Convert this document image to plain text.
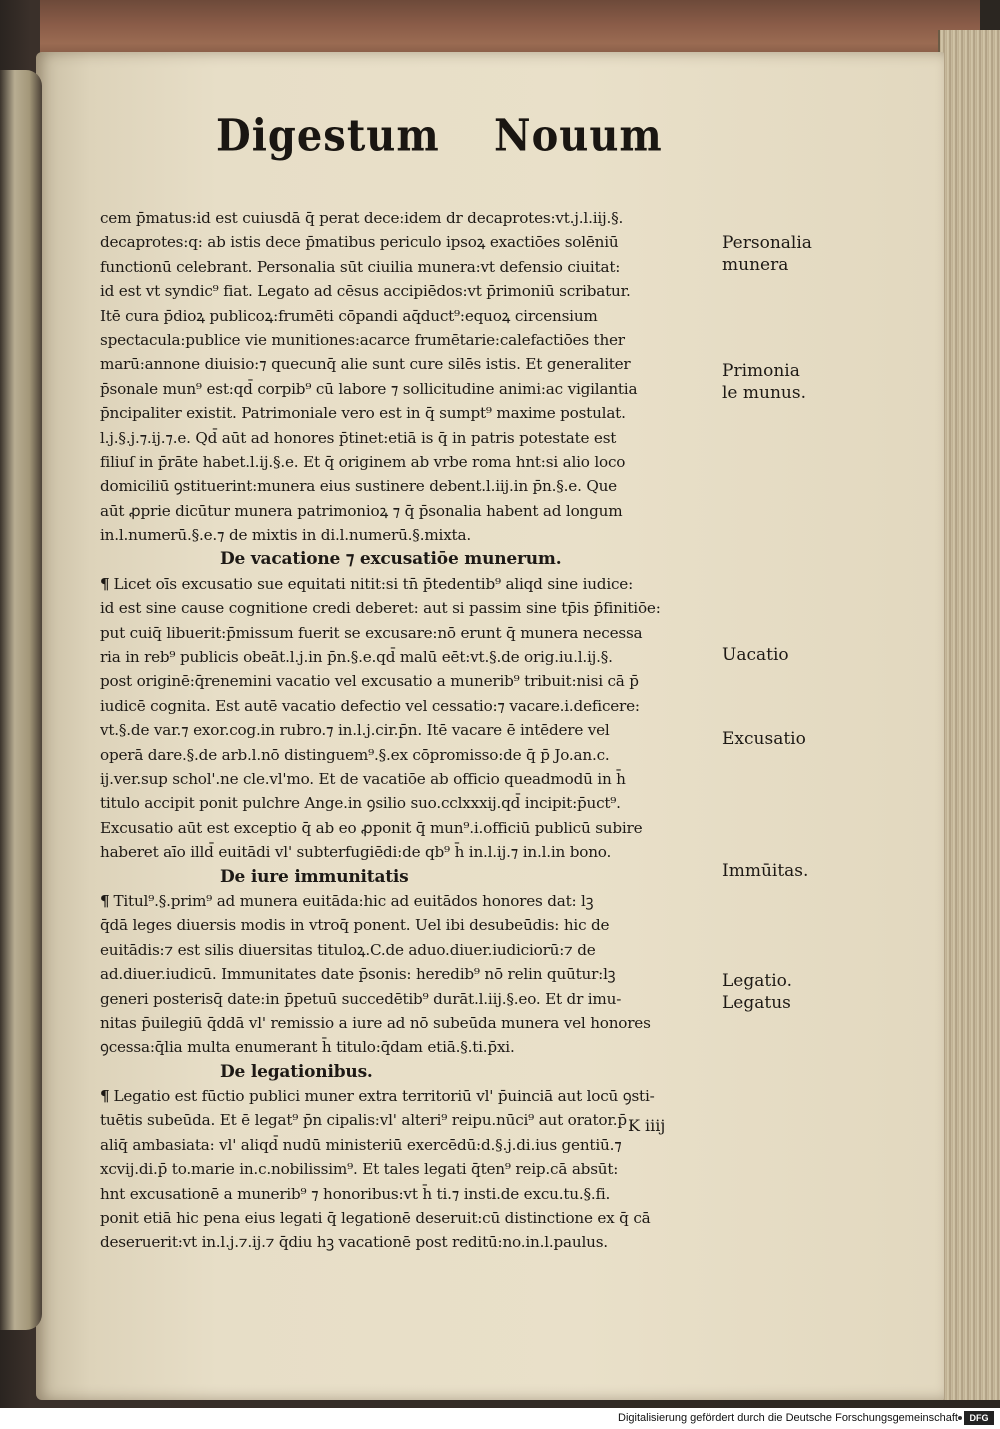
Digestum Nouum
cem p̄matus:id est cuiusdā q̄ perat dece:idem dr decaprotes:vt.j.l.iij.§.
decaprotes:q: ab istis dece p̄matibus periculo ipsoꝝ exactiōes solēniū
functionū celebrant. Personalia sūt ciuilia munera:vt defensio ciuitat:
id est vt syndic⁹ fiat. Legato ad cēsus accipiēdos:vt p̄rimoniū scribatur.
Itē cura p̄dioꝝ publicoꝝ:frumēti cōpandi aq̄duct⁹:equoꝝ circensium
spectacula:publice vie munitiones:acarce frumētarie:calefactiōes ther
marū:annone diuisio:⁊ quecunq̄ alie sunt cure silēs istis. Et generaliter
p̄sonale mun⁹ est:qd̄ corpib⁹ cū labore ⁊ sollicitudine animi:ac vigilantia
p̄ncipaliter existit. Patrimoniale vero est in q̄ sumpt⁹ maxime postulat.
l.j.§.j.⁊.ij.⁊.e. Qd̄ aūt ad honores p̄tinet:etiā is q̄ in patris potestate est
filiuſ in p̄rāte habet.l.ij.§.e. Et q̄ originem ab vrbe roma hnt:si alio loco
domiciliū ꝯstituerint:munera eius sustinere debent.l.iij.in p̄n.§.e. Que
aūt ꝓprie dicūtur munera patrimonioꝝ ⁊ q̄ p̄sonalia habent ad longum
in.l.numerū.§.e.⁊ de mixtis in di.l.numerū.§.mixta.
De vacatione ⁊ excusatiōe munerum.
¶ Licet oīs excusatio sue equitati nitit:si tn̄ p̄tedentib⁹ aliqd sine iudice:
id est sine cause cognitione credi deberet: aut si passim sine tp̄is p̄finitiōe:
put cuiq̄ libuerit:p̄missum fuerit se excusare:nō erunt q̄ munera necessa
ria in reb⁹ publicis obeāt.l.j.in p̄n.§.e.qd̄ malū eēt:vt.§.de orig.iu.l.ij.§.
post originē:q̄renemini vacatio vel excusatio a munerib⁹ tribuit:nisi cā p̄
iudicē cognita. Est autē vacatio defectio vel cessatio:⁊ vacare.i.deficere:
vt.§.de var.⁊ exor.cog.in rubro.⁊ in.l.j.cir.p̄n. Itē vacare ē intēdere vel
operā dare.§.de arb.l.nō distinguem⁹.§.ex cōpromisso:de q̄ p̄ Jo.an.c.
ij.ver.sup schol'.ne cle.vl'mo. Et de vacatiōe ab officio queadmodū in h̄
titulo accipit ponit pulchre Ange.in ꝯsilio suo.cclxxxij.qd̄ incipit:p̄uct⁹.
Excusatio aūt est exceptio q̄ ab eo ꝓponit q̄ mun⁹.i.officiū publicū subire
haberet aīo illd̄ euitādi vl' subterfugiēdi:de qb⁹ h̄ in.l.ij.⁊ in.l.in bono.
De iure immunitatis
¶ Titul⁹.§.prim⁹ ad munera euitāda:hic ad euitādos honores dat: lꝫ
q̄dā leges diuersis modis in vtroq̄ ponent. Uel ibi desubeūdis: hic de
euitādis:⁊ est silis diuersitas tituloꝝ.C.de aduo.diuer.iudiciorū:⁊ de
ad.diuer.iudicū. Immunitates date p̄sonis: heredib⁹ nō relin quūtur:lꝫ
generi posterisq̄ date:in p̄petuū succedētib⁹ durāt.l.iij.§.eo. Et dr imu-
nitas p̄uilegiū q̄ddā vl' remissio a iure ad nō subeūda munera vel honores
ꝯcessa:q̄lia multa enumerant h̄ titulo:q̄dam etiā.§.ti.p̄xi.
De legationibus.
¶ Legatio est fūctio publici muner extra territoriū vl' p̄uinciā aut locū ꝯsti-
tuētis subeūda. Et ē legat⁹ p̄n cipalis:vl' alteri⁹ reipu.nūci⁹ aut orator.p̄
aliq̄ ambasiata: vl' aliqd̄ nudū ministeriū exercēdū:d.§.j.di.ius gentiū.⁊
xcvij.di.p̄ to.marie in.c.nobilissim⁹. Et tales legati q̄ten⁹ reip.cā absūt:
hnt excusationē a munerib⁹ ⁊ honoribus:vt h̄ ti.⁊ insti.de excu.tu.§.fi.
ponit etiā hic pena eius legati q̄ legationē deseruit:cū distinctione ex q̄ cā
deseruerit:vt in.l.j.⁊.ij.⁊ q̄diu hꝫ vacationē post reditū:no.in.l.paulus.
Personalia
munera
Primonia
le munus.
Uacatio
Excusatio
Immūitas.
Legatio.
Legatus
K iiij
Digitalisierung gefördert durch die Deutsche Forschungsgemeinschaft	DFG
